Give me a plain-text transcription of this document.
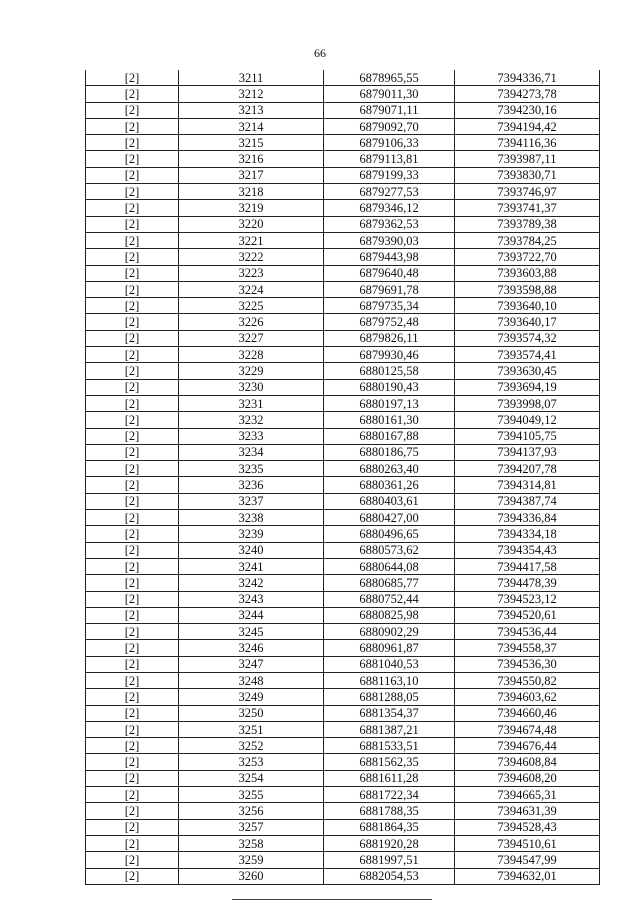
66
[2]	3211	6878965,55	7394336,71
[2]	3212	6879011,30	7394273,78
[2]	3213	6879071,11	7394230,16
[2]	3214	6879092,70	7394194,42
[2]	3215	6879106,33	7394116,36
[2]	3216	6879113,81	7393987,11
[2]	3217	6879199,33	7393830,71
[2]	3218	6879277,53	7393746,97
[2]	3219	6879346,12	7393741,37
[2]	3220	6879362,53	7393789,38
[2]	3221	6879390,03	7393784,25
[2]	3222	6879443,98	7393722,70
[2]	3223	6879640,48	7393603,88
[2]	3224	6879691,78	7393598,88
[2]	3225	6879735,34	7393640,10
[2]	3226	6879752,48	7393640,17
[2]	3227	6879826,11	7393574,32
[2]	3228	6879930,46	7393574,41
[2]	3229	6880125,58	7393630,45
[2]	3230	6880190,43	7393694,19
[2]	3231	6880197,13	7393998,07
[2]	3232	6880161,30	7394049,12
[2]	3233	6880167,88	7394105,75
[2]	3234	6880186,75	7394137,93
[2]	3235	6880263,40	7394207,78
[2]	3236	6880361,26	7394314,81
[2]	3237	6880403,61	7394387,74
[2]	3238	6880427,00	7394336,84
[2]	3239	6880496,65	7394334,18
[2]	3240	6880573,62	7394354,43
[2]	3241	6880644,08	7394417,58
[2]	3242	6880685,77	7394478,39
[2]	3243	6880752,44	7394523,12
[2]	3244	6880825,98	7394520,61
[2]	3245	6880902,29	7394536,44
[2]	3246	6880961,87	7394558,37
[2]	3247	6881040,53	7394536,30
[2]	3248	6881163,10	7394550,82
[2]	3249	6881288,05	7394603,62
[2]	3250	6881354,37	7394660,46
[2]	3251	6881387,21	7394674,48
[2]	3252	6881533,51	7394676,44
[2]	3253	6881562,35	7394608,84
[2]	3254	6881611,28	7394608,20
[2]	3255	6881722,34	7394665,31
[2]	3256	6881788,35	7394631,39
[2]	3257	6881864,35	7394528,43
[2]	3258	6881920,28	7394510,61
[2]	3259	6881997,51	7394547,99
[2]	3260	6882054,53	7394632,01
